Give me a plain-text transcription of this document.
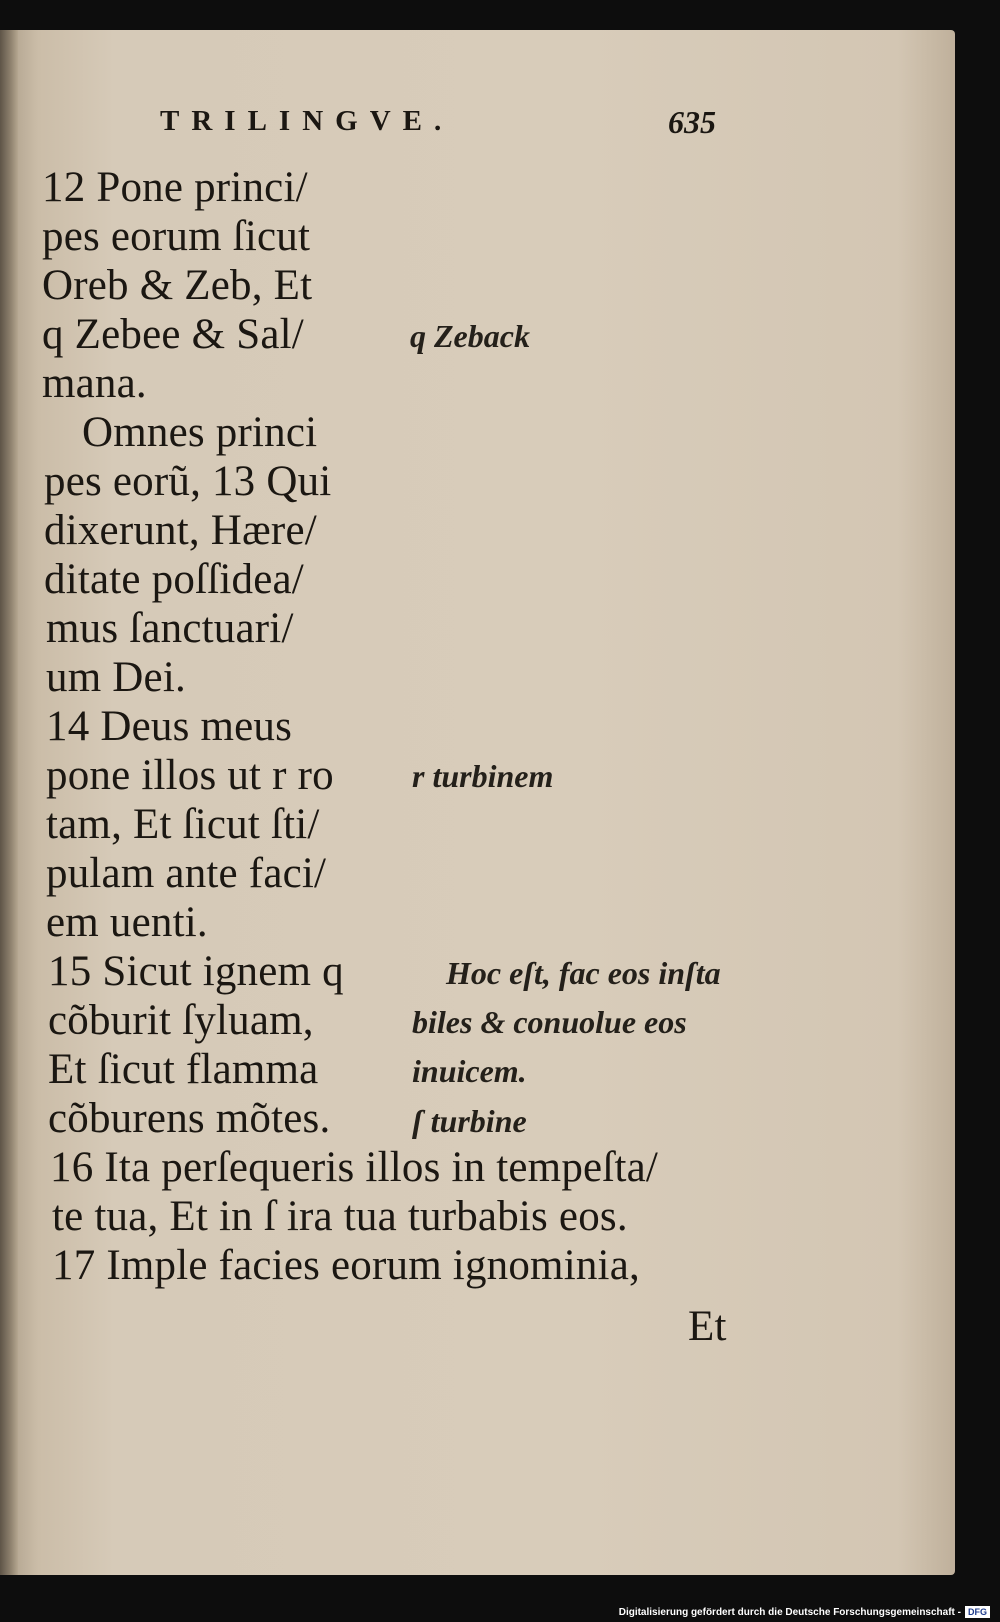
TRILINGVE.	635

12 Pone princi/

pes eorum ſicut

Oreb & Zeb, Et

q Zebee & Sal/

mana.

Omnes princi

pes eorũ, 13 Qui

dixerunt, Hære/

ditate poſſidea/

mus ſanctuari/

um Dei.

14 Deus meus

pone illos ut r ro

tam, Et ſicut ſti/

pulam ante faci/

em uenti.

15 Sicut ignem q

cõburit ſyluam,

Et ſicut flamma

cõburens mõtes.

16 Ita perſequeris illos in tempeſta/

te tua, Et in ſ ira tua turbabis eos.

17 Imple facies eorum ignominia,

Et

q Zeback

r turbinem

Hoc eſt, fac eos inſta

biles & conuolue eos

inuicem.

ſ turbine

Digitalisierung gefördert durch die Deutsche Forschungsgemeinschaft - DFG
